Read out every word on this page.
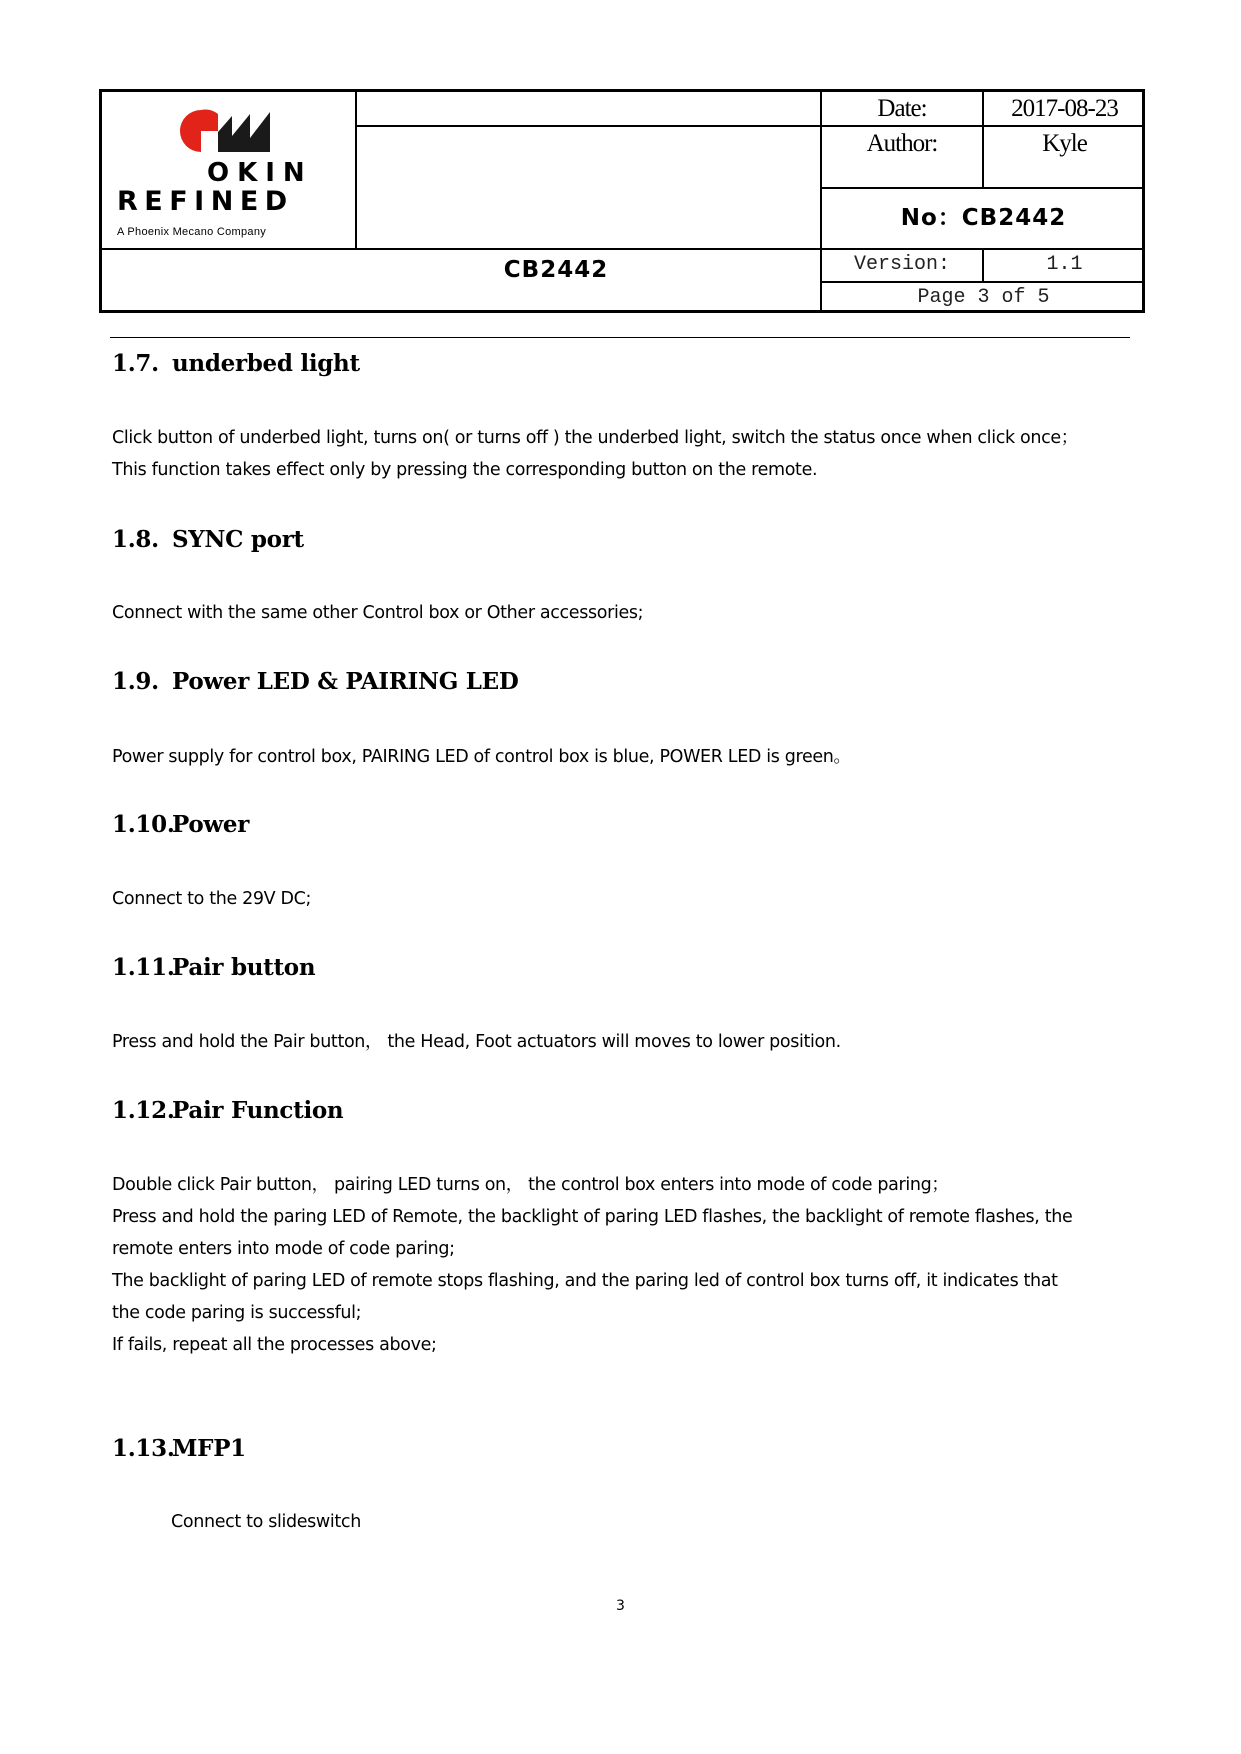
OKIN
REFINED
A Phoenix Mecano Company
Date:	2017-08-23
Author:	Kyle
No：CB2442
CB2442	Version:	1.1
Page 3 of 5
1.7. underbed light
Click button of underbed light, turns on( or turns off ) the underbed light, switch the status once when click once；
This function takes effect only by pressing the corresponding button on the remote.
1.8. SYNC port
Connect with the same other Control box or Other accessories;
1.9. Power LED & PAIRING LED
Power supply for control box, PAIRING LED of control box is blue, POWER LED is green。
1.10.Power
Connect to the 29V DC;
1.11.Pair button
Press and hold the Pair button， the Head, Foot actuators will moves to lower position.
1.12.Pair Function
Double click Pair button， pairing LED turns on， the control box enters into mode of code paring；
Press and hold the paring LED of Remote, the backlight of paring LED flashes, the backlight of remote flashes, the
remote enters into mode of code paring;
The backlight of paring LED of remote stops flashing, and the paring led of control box turns off, it indicates that
the code paring is successful;
If fails, repeat all the processes above;
1.13.MFP1
Connect to slideswitch
3
